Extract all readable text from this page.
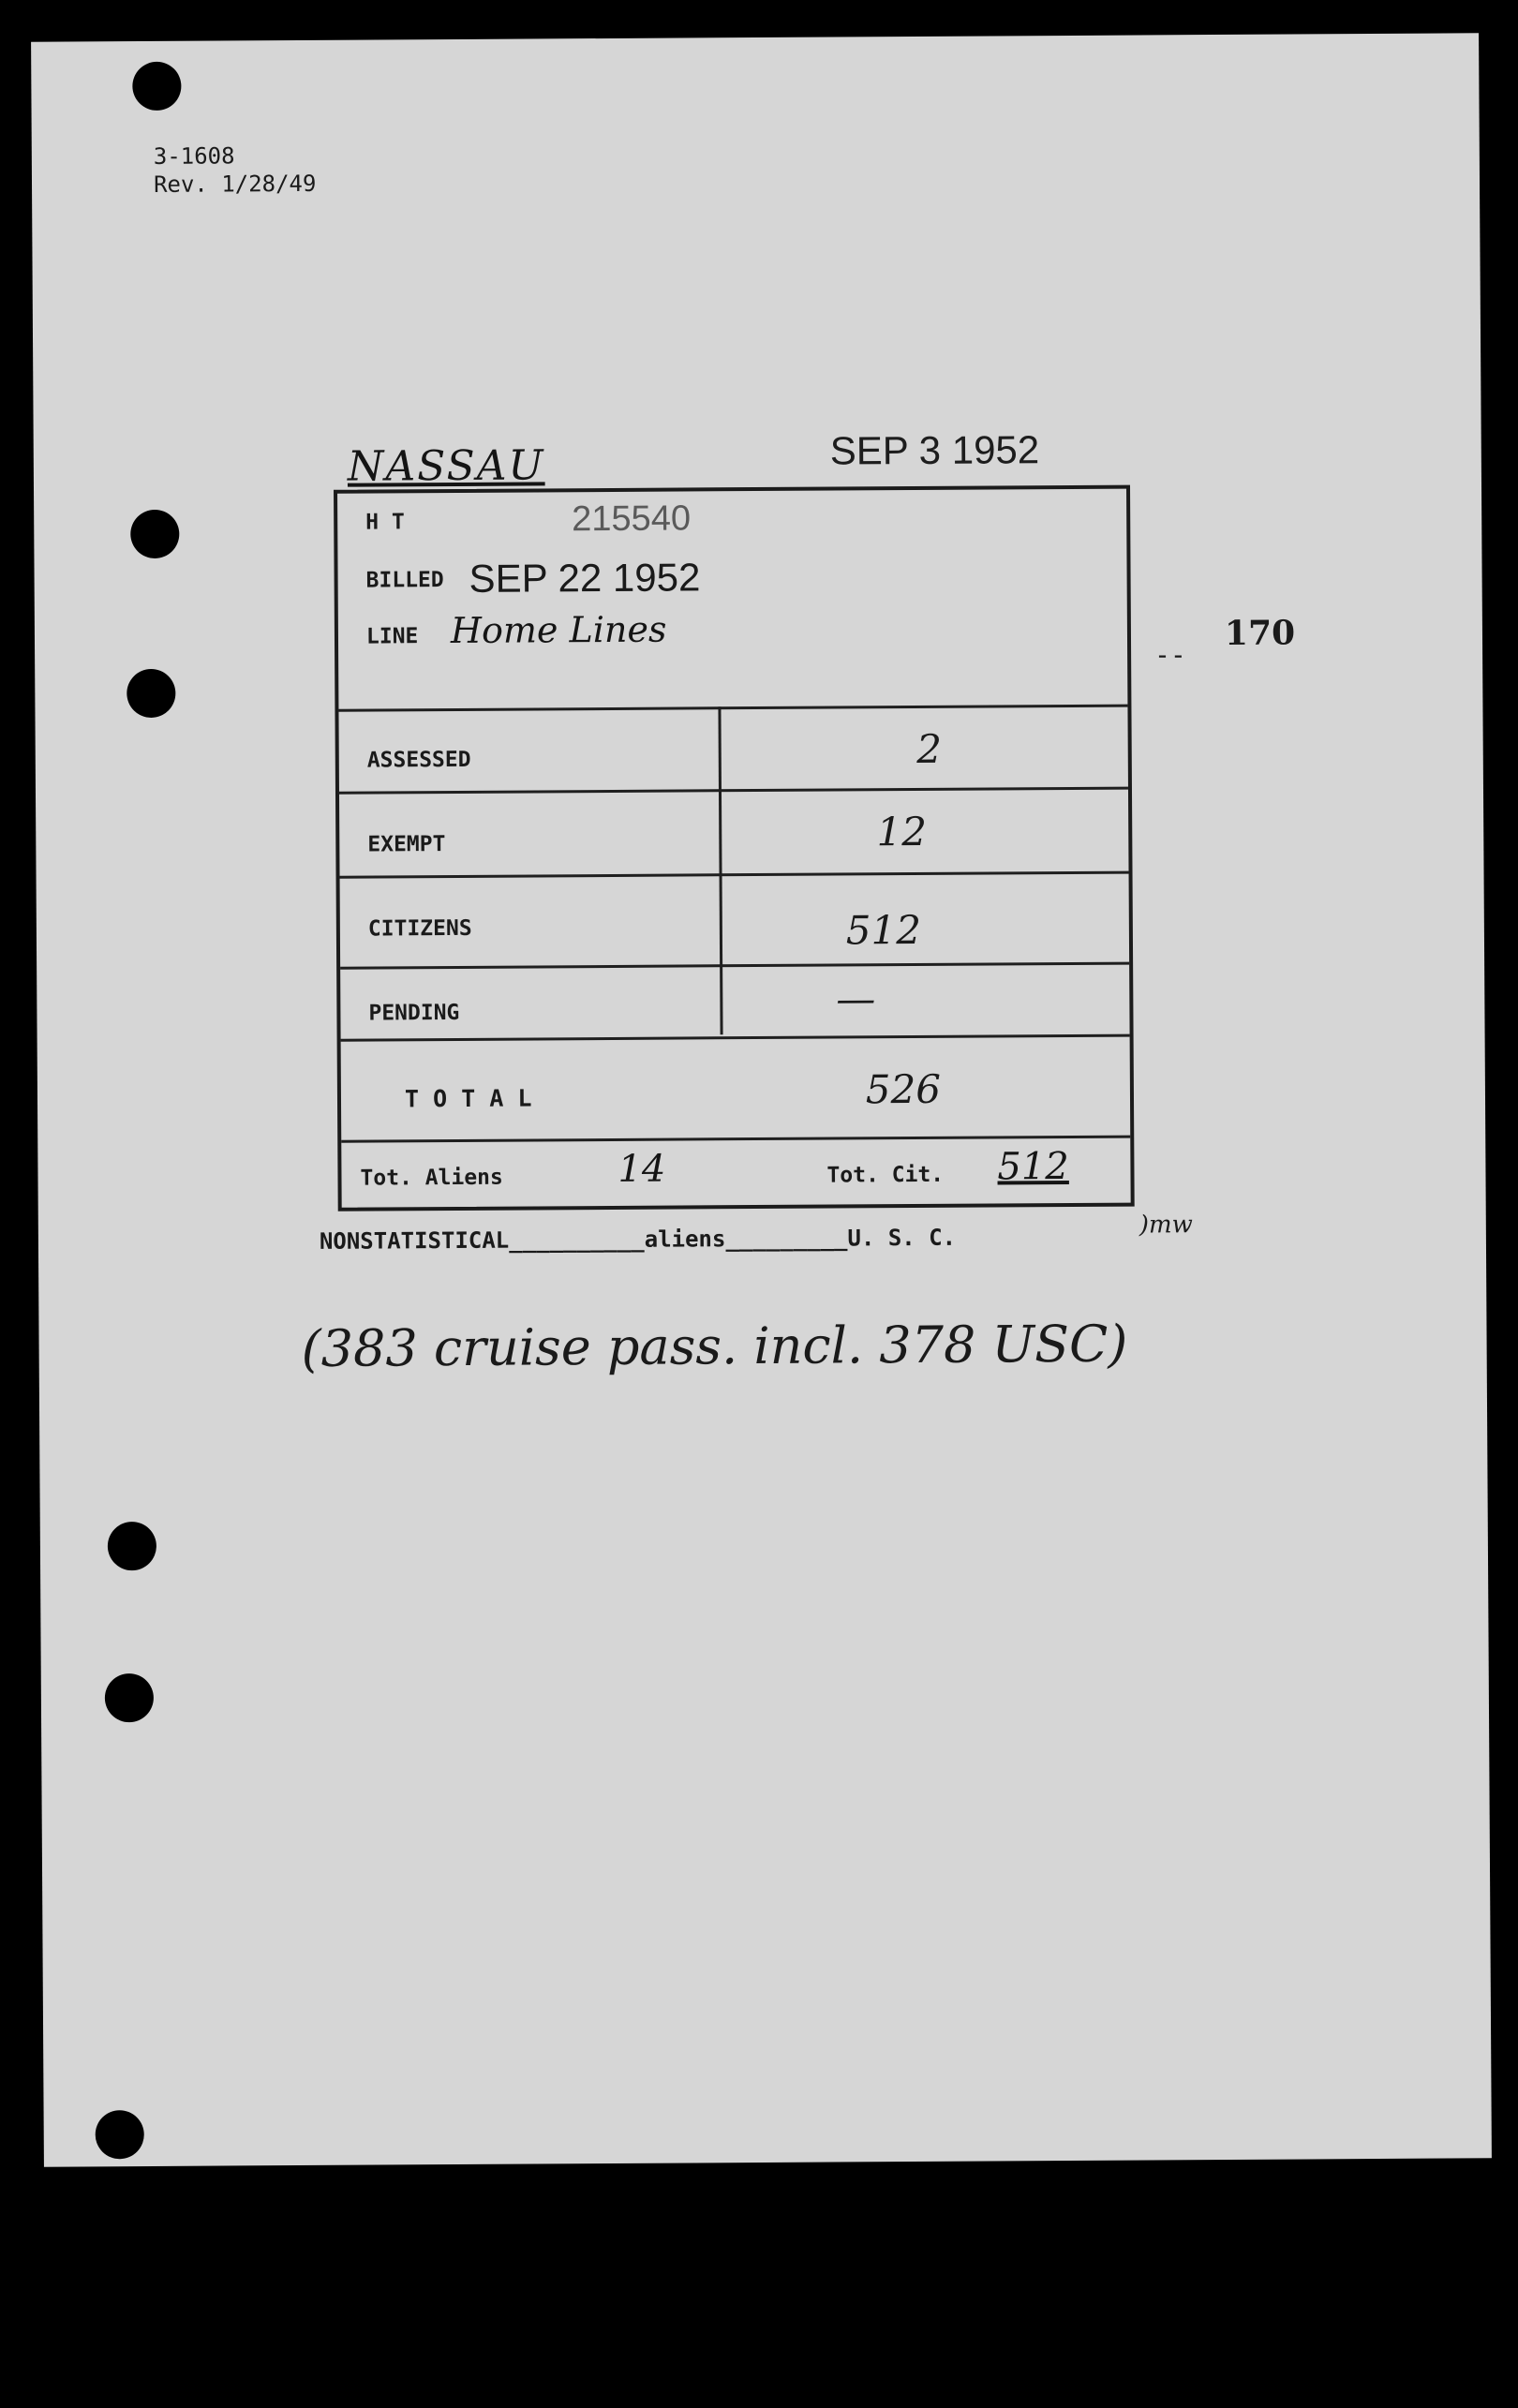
3-1608
Rev. 1/28/49
NASSAU	SEP 3 1952
H T	215540
BILLED SEP 22 1952
LINE Home Lines
ASSESSED	2
EXEMPT	12
CITIZENS	512
PENDING	—
T O T A L	526
Tot. Aliens	14	Tot. Cit. 512
--
170
)mw
NONSTATISTICAL__________aliens_________U. S. C.
(383 cruise pass. incl. 378 USC)
